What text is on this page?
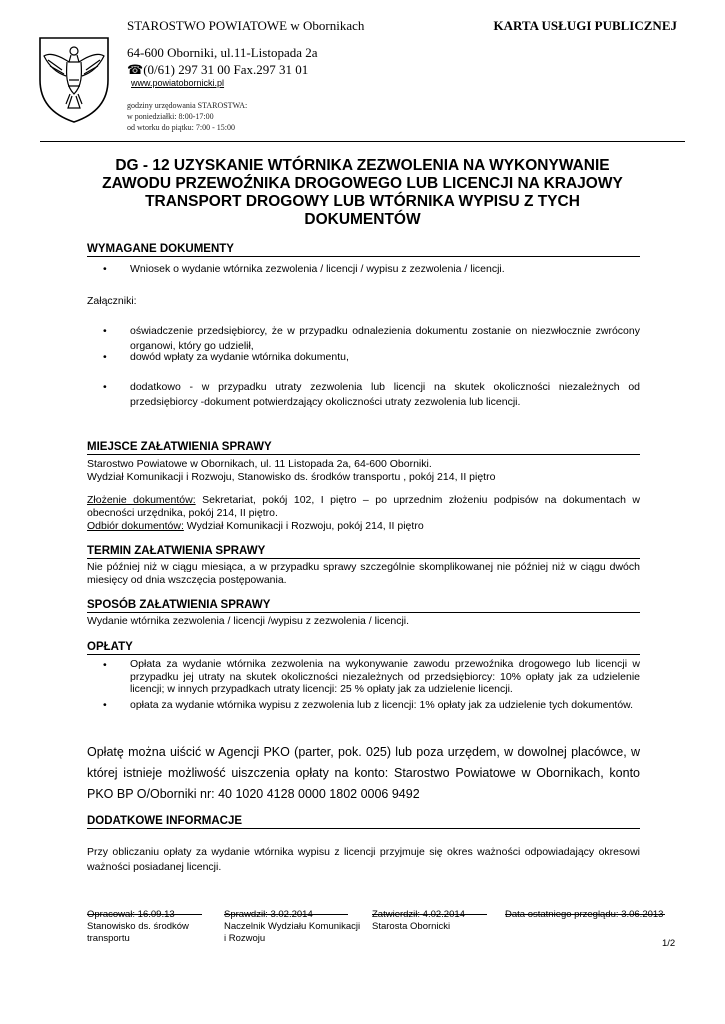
STAROSTWO POWIATOWE w Obornikach	KARTA USŁUGI PUBLICZNEJ
64-600 Oborniki, ul.11-Listopada 2a
☎(0/61) 297 31 00 Fax.297 31 01
www.powiatobornicki.pl
godziny urzędowania STAROSTWA:
w poniedziałki: 8:00-17:00
od wtorku do piątku: 7:00 - 15:00
DG - 12 UZYSKANIE WTÓRNIKA ZEZWOLENIA NA WYKONYWANIE
ZAWODU PRZEWOŹNIKA DROGOWEGO LUB LICENCJI NA KRAJOWY
TRANSPORT DROGOWY LUB WTÓRNIKA WYPISU Z TYCH
DOKUMENTÓW
WYMAGANE DOKUMENTY
• Wniosek o wydanie wtórnika zezwolenia / licencji / wypisu z zezwolenia / licencji.
Załączniki:
• oświadczenie przedsiębiorcy, że w przypadku odnalezienia dokumentu zostanie on niezwłocznie zwrócony organowi, który go udzielił,
• dowód wpłaty za wydanie wtórnika dokumentu,
• dodatkowo - w przypadku utraty zezwolenia lub licencji na skutek okoliczności niezależnych od przedsiębiorcy -dokument potwierdzający okoliczności utraty zezwolenia lub licencji.
MIEJSCE ZAŁATWIENIA SPRAWY
Starostwo Powiatowe w Obornikach, ul. 11 Listopada 2a, 64-600 Oborniki.
Wydział Komunikacji i Rozwoju, Stanowisko ds. środków transportu , pokój 214, II piętro
Złożenie dokumentów: Sekretariat, pokój 102, I piętro – po uprzednim złożeniu podpisów na dokumentach w obecności urzędnika, pokój 214, II piętro.
Odbiór dokumentów: Wydział Komunikacji i Rozwoju, pokój 214, II piętro
TERMIN ZAŁATWIENIA SPRAWY
Nie później niż w ciągu miesiąca, a w przypadku sprawy szczególnie skomplikowanej nie później niż w ciągu dwóch miesięcy od dnia wszczęcia postępowania.
SPOSÓB ZAŁATWIENIA SPRAWY
Wydanie wtórnika zezwolenia / licencji /wypisu z zezwolenia / licencji.
OPŁATY
• Opłata za wydanie wtórnika zezwolenia na wykonywanie zawodu przewoźnika drogowego lub licencji w przypadku jej utraty na skutek okoliczności niezależnych od przedsiębiorcy: 10% opłaty jak za udzielenie licencji; w innych przypadkach utraty licencji: 25 % opłaty jak za udzielenie licencji.
• opłata za wydanie wtórnika wypisu z zezwolenia lub z licencji: 1% opłaty jak za udzielenie tych dokumentów.
Opłatę można uiścić w Agencji PKO (parter, pok. 025) lub poza urzędem, w dowolnej placówce, w której istnieje możliwość uiszczenia opłaty na konto: Starostwo Powiatowe w Obornikach, konto PKO BP O/Oborniki nr: 40 1020 4128 0000 1802 0006 9492
DODATKOWE INFORMACJE
Przy obliczaniu opłaty za wydanie wtórnika wypisu z licencji przyjmuje się okres ważności odpowiadający okresowi ważności posiadanej licencji.
Opracował: 16.09.13
Stanowisko ds. środków transportu
Sprawdził: 3.02.2014
Naczelnik Wydziału Komunikacji i Rozwoju
Zatwierdził: 4.02.2014
Starosta Obornicki
Data ostatniego przeglądu: 3.06.2013
1/2
